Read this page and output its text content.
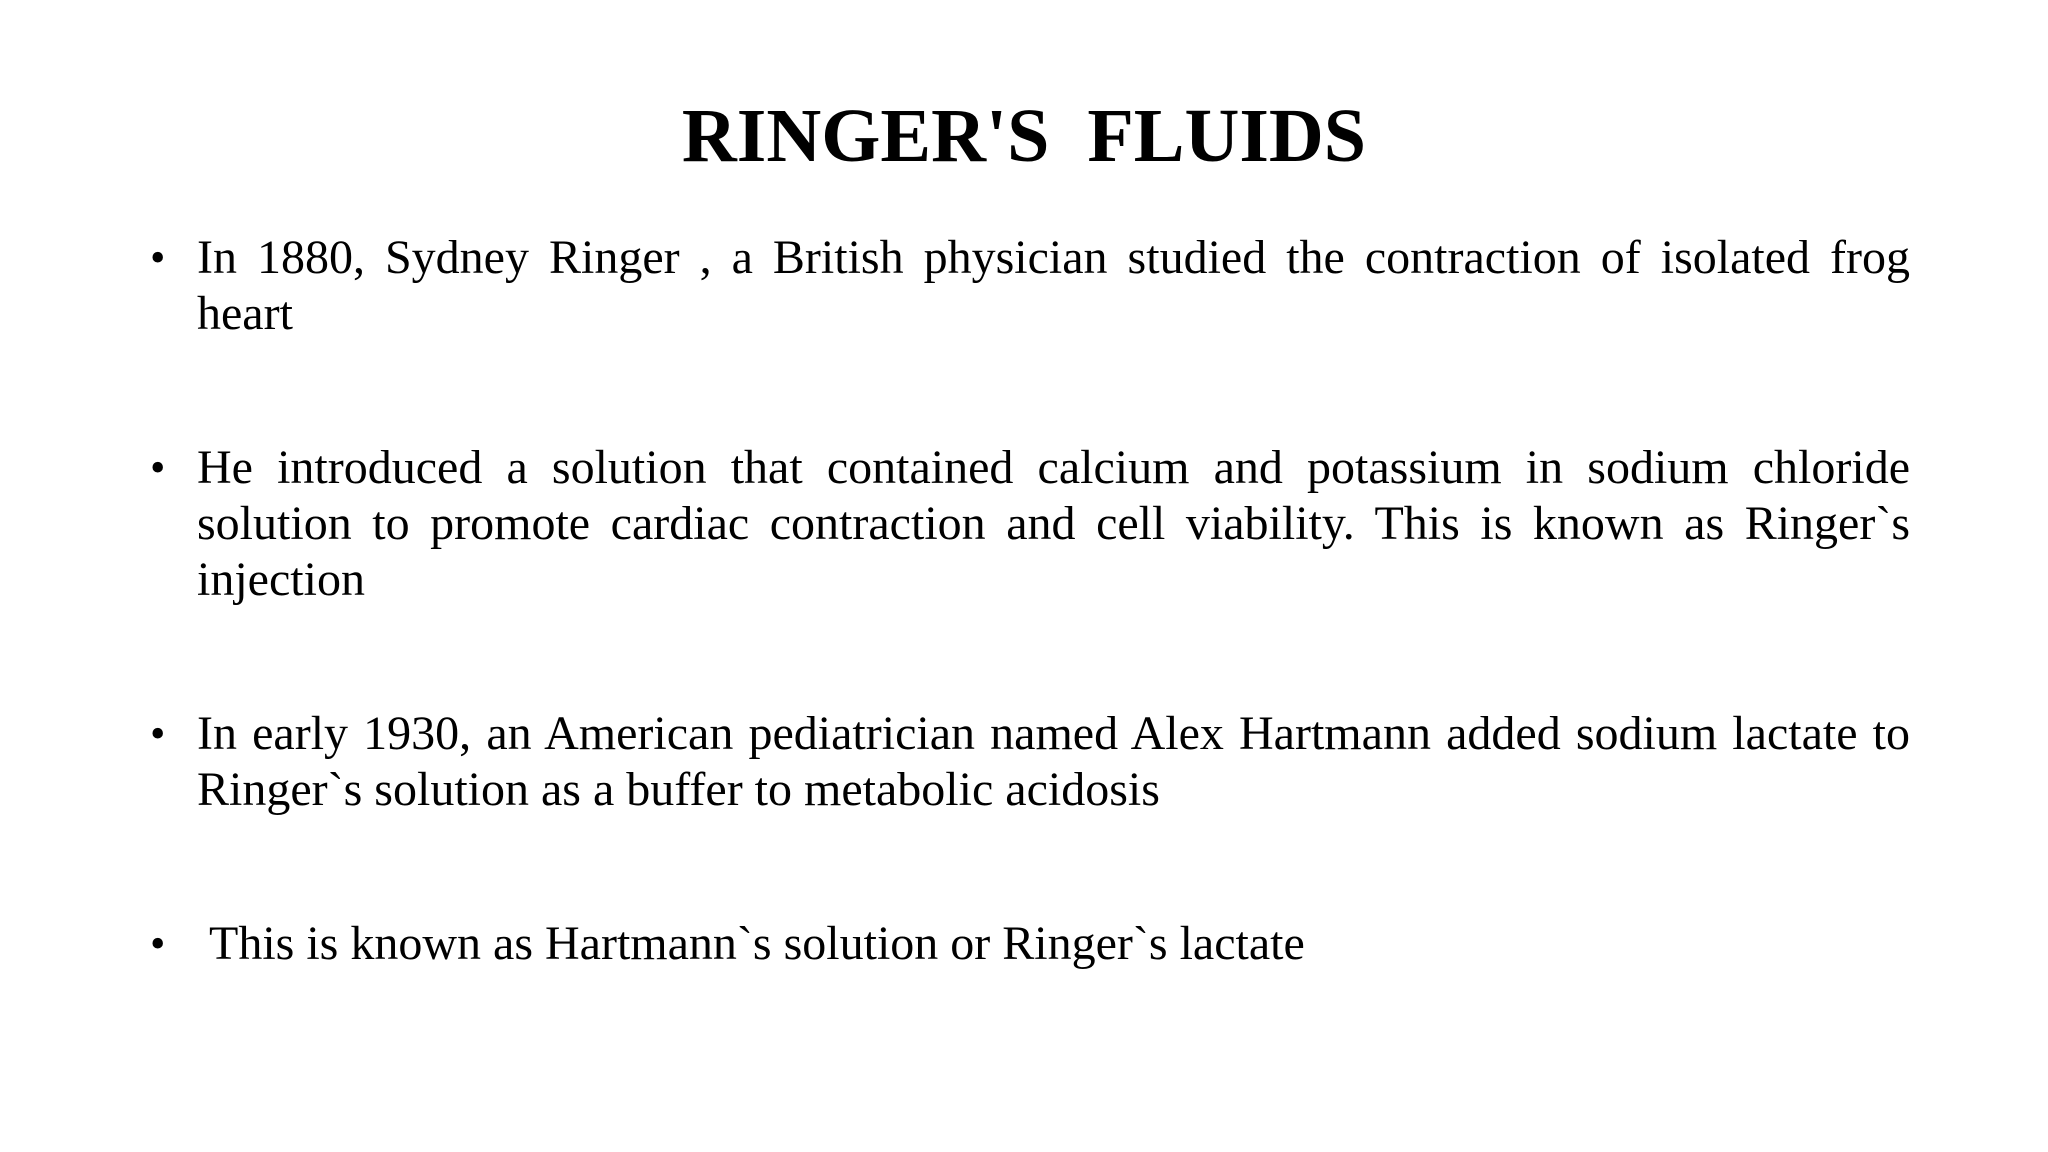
RINGER'S  FLUIDS
• In 1880, Sydney Ringer , a British physician studied the contraction of isolated frog heart
• He introduced a solution that contained calcium and potassium in sodium chloride solution to promote cardiac contraction and cell viability. This is known as Ringer`s injection
• In early 1930, an American pediatrician named Alex Hartmann added sodium lactate to Ringer`s solution as a buffer to metabolic acidosis
• This is known as Hartmann`s solution or Ringer`s lactate
